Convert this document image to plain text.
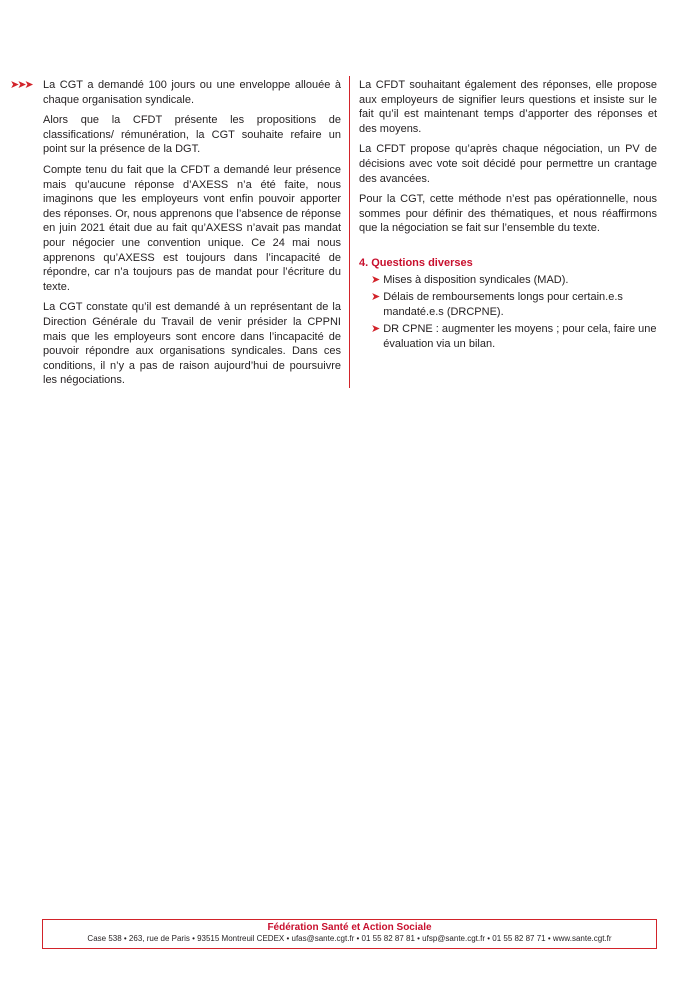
➤➤➤ La CGT a demandé 100 jours ou une enveloppe allouée à chaque organisation syndicale.

Alors que la CFDT présente les propositions de classifications/ rémunération, la CGT souhaite refaire un point sur la présence de la DGT.

Compte tenu du fait que la CFDT a demandé leur présence mais qu’aucune réponse d’AXESS n’a été faite, nous imaginons que les employeurs vont enfin pouvoir apporter des réponses. Or, nous apprenons que l’absence de réponse en juin 2021 était due au fait qu’AXESS n’avait pas mandat pour négocier une convention unique. Ce 24 mai nous apprenons qu’AXESS est toujours dans l’incapacité de répondre, car n’a toujours pas de mandat pour l’écriture du texte.

La CGT constate qu’il est demandé à un représentant de la Direction Générale du Travail de venir présider la CPPNI mais que les employeurs sont encore dans l’incapacité de pouvoir répondre aux organisations syndicales. Dans ces conditions, il n’y a pas de raison aujourd’hui de poursuivre les négociations.

La CFDT souhaitant également des réponses, elle propose aux employeurs de signifier leurs questions et insiste sur le fait qu’il est maintenant temps d’apporter des réponses et des moyens.

La CFDT propose qu’après chaque négociation, un PV de décisions avec vote soit décidé pour permettre un crantage des avancées.

Pour la CGT, cette méthode n’est pas opérationnelle, nous sommes pour définir des thématiques, et nous réaffirmons que la négociation se fait sur l’ensemble du texte.

4. Questions diverses
➤ Mises à disposition syndicales (MAD).
➤ Délais de remboursements longs pour certain.e.s mandaté.e.s (DRCPNE).
➤ DR CPNE : augmenter les moyens ; pour cela, faire une évaluation via un bilan.
Fédération Santé et Action Sociale
Case 538 • 263, rue de Paris • 93515 Montreuil CEDEX • ufas@sante.cgt.fr • 01 55 82 87 81 • ufsp@sante.cgt.fr • 01 55 82 87 71 • www.sante.cgt.fr
